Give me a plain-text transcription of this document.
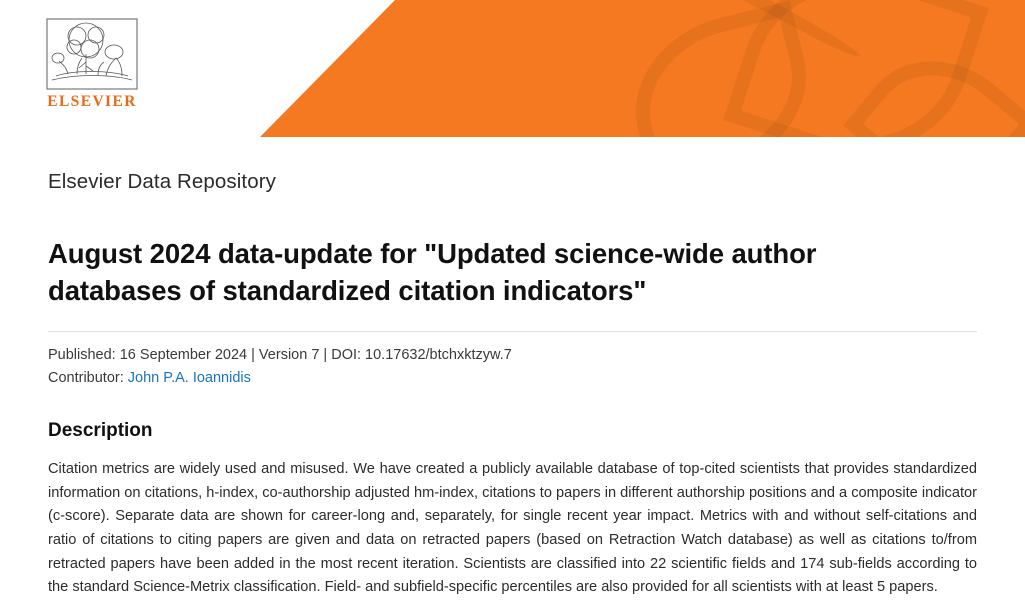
ELSEVIER
Elsevier Data Repository
August 2024 data-update for "Updated science-wide author databases of standardized citation indicators"
Published: 16 September 2024 | Version 7 | DOI: 10.17632/btchxktzyw.7
Contributor: John P.A. Ioannidis
Description

Citation metrics are widely used and misused. We have created a publicly available database of top-cited scientists that provides standardized information on citations, h-index, co-authorship adjusted hm-index, citations to papers in different authorship positions and a composite indicator (c-score). Separate data are shown for career-long and, separately, for single recent year impact. Metrics with and without self-citations and ratio of citations to citing papers are given and data on retracted papers (based on Retraction Watch database) as well as citations to/from retracted papers have been added in the most recent iteration. Scientists are classified into 22 scientific fields and 174 sub-fields according to the standard Science-Metrix classification. Field- and subfield-specific percentiles are also provided for all scientists with at least 5 papers.
